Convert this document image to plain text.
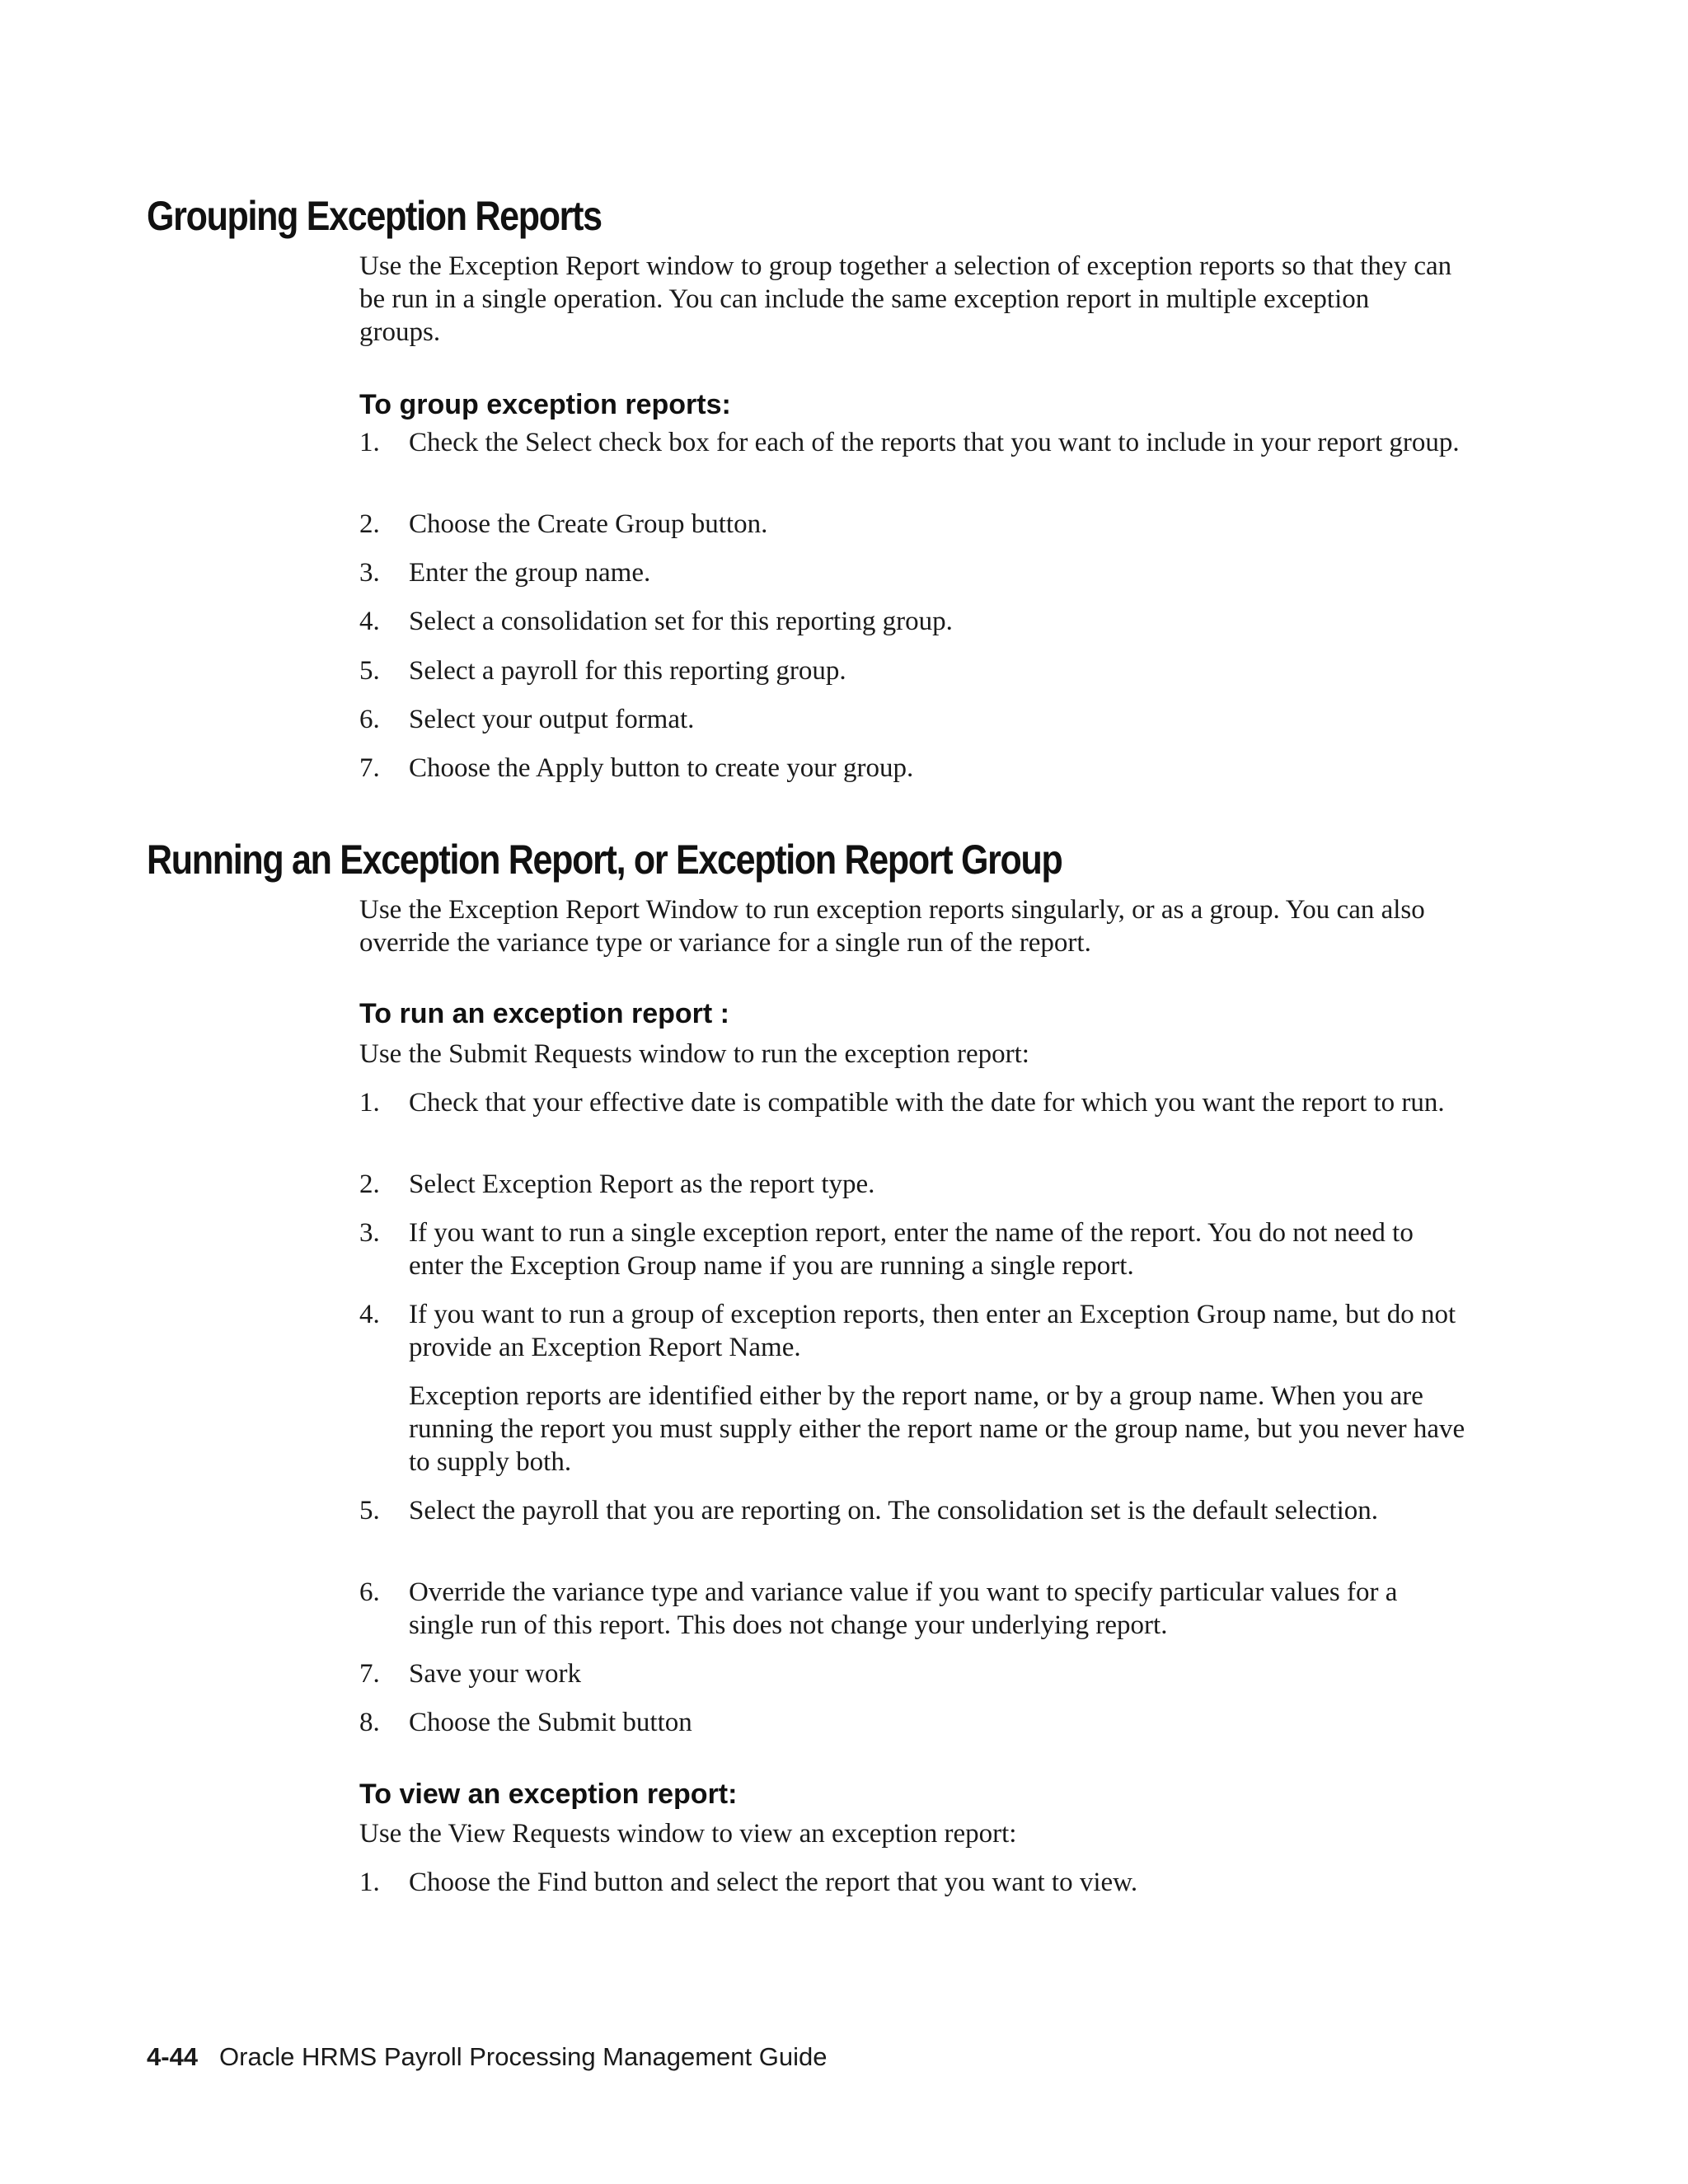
Grouping Exception Reports

Use the Exception Report window to group together a selection of exception reports so that they can be run in a single operation. You can include the same exception report in multiple exception groups.

To group exception reports:
1.	Check the Select check box for each of the reports that you want to include in your report group.
2.	Choose the Create Group button.
3.	Enter the group name.
4.	Select a consolidation set for this reporting group.
5.	Select a payroll for this reporting group.
6.	Select your output format.
7.	Choose the Apply button to create your group.
Running an Exception Report, or Exception Report Group

Use the Exception Report Window to run exception reports singularly, or as a group. You can also override the variance type or variance for a single run of the report.

To run an exception report :

Use the Submit Requests window to run the exception report:

1.	Check that your effective date is compatible with the date for which you want the report to run.
2.	Select Exception Report as the report type.
3.	If you want to run a single exception report, enter the name of the report. You do not need to enter the Exception Group name if you are running a single report.
4.	If you want to run a group of exception reports, then enter an Exception Group name, but do not provide an Exception Report Name.

Exception reports are identified either by the report name, or by a group name. When you are running the report you must supply either the report name or the group name, but you never have to supply both.

5.	Select the payroll that you are reporting on. The consolidation set is the default selection.
6.	Override the variance type and variance value if you want to specify particular values for a single run of this report. This does not change your underlying report.
7.	Save your work
8.	Choose the Submit button
To view an exception report:

Use the View Requests window to view an exception report:

1.	Choose the Find button and select the report that you want to view.
4-44 Oracle HRMS Payroll Processing Management Guide
